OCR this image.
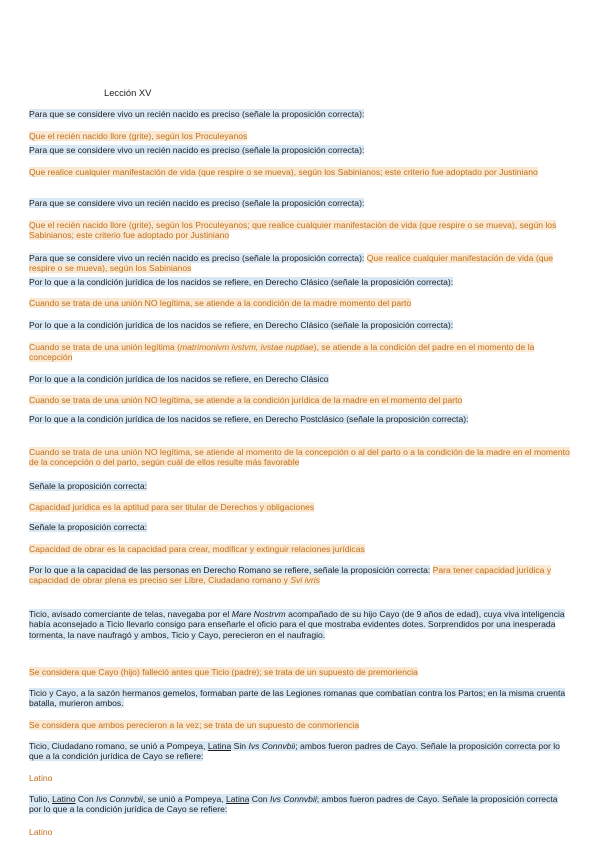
Lección XV
Para que se considere vivo un recién nacido es preciso (señale la proposición correcta):
Que el recién nacido llore (grite), según los Proculeyanos
Para que se considere vivo un recién nacido es preciso (señale la proposición correcta):
Que realice cualquier manifestación de vida (que respire o se mueva), según los Sabinianos; este criterio fue adoptado por Justiniano
Para que se considere vivo un recién nacido es preciso (señale la proposición correcta):
Que el recién nacido llore (grite), según los Proculeyanos; que realice cualquier manifestación de vida (que respire o se mueva), según los Sabinianos; este criterio fue adoptado por Justiniano
Para que se considere vivo un recién nacido es preciso (señale la proposición correcta): Que realice cualquier manifestación de vida (que respire o se mueva), según los Sabinianos
Por lo que a la condición jurídica de los nacidos se refiere, en Derecho Clásico (señale la proposición correcta):
Cuando se trata de una unión NO legítima, se atiende a la condición de la madre momento del parto
Por lo que a la condición jurídica de los nacidos se refiere, en Derecho Clásico (señale la proposición correcta):
Cuando se trata de una unión legítima (matrimonivm ivstvm, ivstae nuptiae), se atiende a la condición del padre en el momento de la concepción
Por lo que a la condición jurídica de los nacidos se refiere, en Derecho Clásico
Cuando se trata de una unión NO legítima, se atiende a la condición jurídica de la madre en el momento del parto
Por lo que a la condición jurídica de los nacidos se refiere, en Derecho Postclásico (señale la proposición correcta):
Cuando se trata de una unión NO legítima, se atiende al momento de la concepción o al del parto o a la condición de la madre en el momento de la concepción o del parto, según cuál de ellos resulte más favorable
Señale la proposición correcta:
Capacidad jurídica es la aptitud para ser titular de Derechos y obligaciones
Señale la proposición correcta:
Capacidad de obrar es la capacidad para crear, modificar y extinguir relaciones jurídicas
Por lo que a la capacidad de las personas en Derecho Romano se refiere, señale la proposición correcta: Para tener capacidad jurídica y capacidad de obrar plena es preciso ser Libre, Ciudadano romano y Svi ivris
Ticio, avisado comerciante de telas, navegaba por el Mare Nostrvm acompañado de su hijo Cayo (de 9 años de edad), cuya viva inteligencia había aconsejado a Ticio llevarlo consigo para enseñarle el oficio para el que mostraba evidentes dotes. Sorprendidos por una inesperada tormenta, la nave naufragó y ambos, Ticio y Cayo, perecieron en el naufragio.
Se considera que Cayo (hijo) falleció antes que Ticio (padre); se trata de un supuesto de premoriencia
Ticio y Cayo, a la sazón hermanos gemelos, formaban parte de las Legiones romanas que combatían contra los Partos; en la misma cruenta batalla, murieron ambos.
Se considera que ambos perecieron a la vez; se trata de un supuesto de conmoriencia
Ticio, Ciudadano romano, se unió a Pompeya, Latina Sin Ivs Connvbii; ambos fueron padres de Cayo. Señale la proposición correcta por lo que a la condición jurídica de Cayo se refiere:
Latino
Tulio, Latino Con Ivs Connvbii, se unió a Pompeya, Latina Con Ivs Connvbii; ambos fueron padres de Cayo. Señale la proposición correcta por lo que a la condición jurídica de Cayo se refiere:
Latino
